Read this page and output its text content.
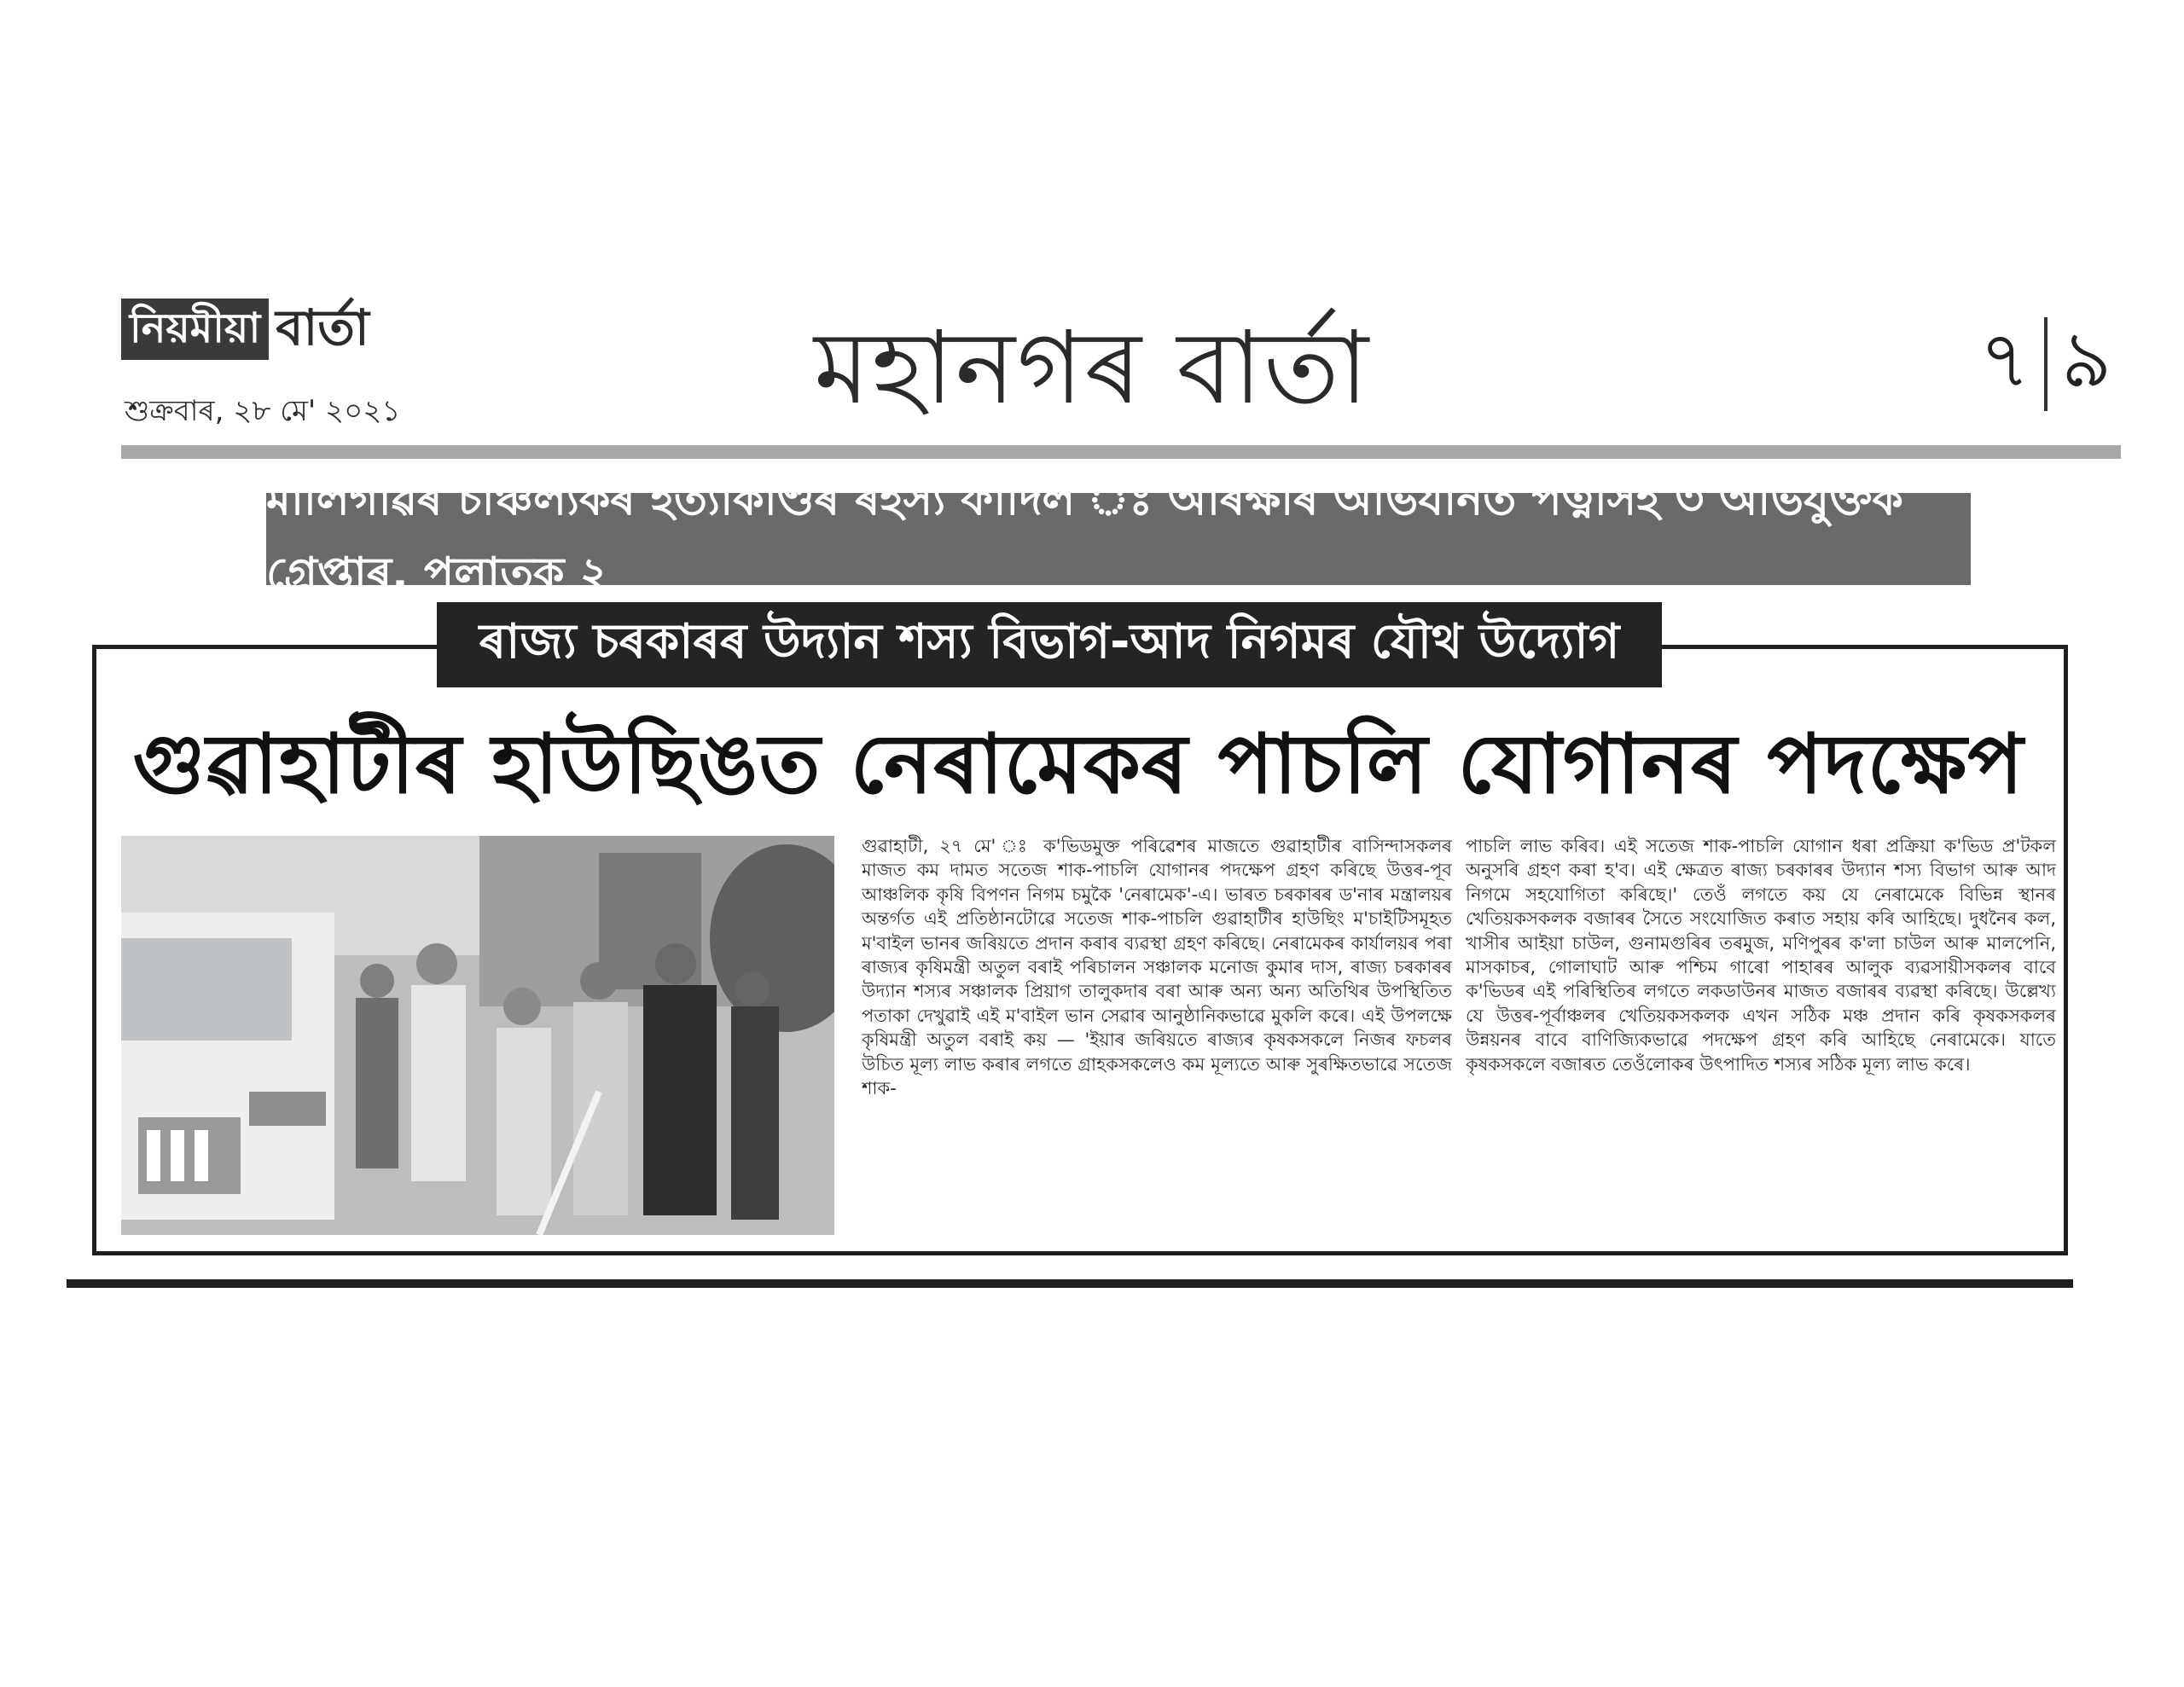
নিয়মীয়া বাৰ্তা
শুক্ৰবাৰ, ২৮ মে' ২০২১	মহানগৰ বাৰ্তা	৭ ৯
মালিগাঁৱৰ চাঞ্চল্যকৰ হত্যাকাণ্ডৰ ৰহস্য ফাদিল ঃ আৰক্ষীৰ অভিযানত পত্নীসহ ৩ অভিযুক্তক গ্ৰেপ্তাৰ, পলাতক ২
ৰাজ্য চৰকাৰৰ উদ্যান শস্য বিভাগ-আদ নিগমৰ যৌথ উদ্যোগ
গুৱাহাটীৰ হাউছিঙত নেৰামেকৰ পাচলি যোগানৰ পদক্ষেপ
গুৱাহাটী, ২৭ মে' ঃ ক'ভিডমুক্ত পৰিৱেশৰ মাজতে গুৱাহাটীৰ বাসিন্দাসকলৰ মাজত কম দামত সতেজ শাক-পাচলি যোগানৰ পদক্ষেপ গ্ৰহণ কৰিছে উত্তৰ-পূব আঞ্চলিক কৃষি বিপণন নিগম চমুকৈ 'নেৰামেক'-এ। ভাৰত চৰকাৰৰ ড'নাৰ মন্ত্ৰালয়ৰ অন্তৰ্গত এই প্ৰতিষ্ঠানটোৱে সতেজ শাক-পাচলি গুৱাহাটীৰ হাউছিং ম'চাইটিসমূহত ম'বাইল ভানৰ জৰিয়তে প্ৰদান কৰাৰ ব্যৱস্থা গ্ৰহণ কৰিছে। নেৰামেকৰ কাৰ্যালয়ৰ পৰা ৰাজ্যৰ কৃষিমন্ত্ৰী অতুল বৰাই পৰিচালন সঞ্চালক মনোজ কুমাৰ দাস, ৰাজ্য চৰকাৰৰ উদ্যান শস্যৰ সঞ্চালক প্ৰিয়াগ তালুকদাৰ বৰা আৰু অন্য অন্য অতিথিৰ উপস্থিতিত পতাকা দেখুৱাই এই ম'বাইল ভান সেৱাৰ আনুষ্ঠানিকভাৱে মুকলি কৰে। এই উপলক্ষে কৃষিমন্ত্ৰী অতুল বৰাই কয় — 'ইয়াৰ জৰিয়তে ৰাজ্যৰ কৃষকসকলে নিজৰ ফচলৰ উচিত মূল্য লাভ কৰাৰ লগতে গ্ৰাহকসকলেও কম মূল্যতে আৰু সুৰক্ষিতভাৱে সতেজ শাক-
পাচলি লাভ কৰিব। এই সতেজ শাক-পাচলি যোগান ধৰা প্ৰক্ৰিয়া ক'ভিড প্ৰ'টকল অনুসৰি গ্ৰহণ কৰা হ'ব। এই ক্ষেত্ৰত ৰাজ্য চৰকাৰৰ উদ্যান শস্য বিভাগ আৰু আদ নিগমে সহযোগিতা কৰিছে।' তেওঁ লগতে কয় যে নেৰামেকে বিভিন্ন স্থানৰ খেতিয়কসকলক বজাৰৰ সৈতে সংযোজিত কৰাত সহায় কৰি আহিছে। দুধনৈৰ কল, খাসীৰ আইয়া চাউল, গুনামগুৰিৰ তৰমুজ, মণিপুৰৰ ক'লা চাউল আৰু মালপেনি, মাসকাচৰ, গোলাঘাট আৰু পশ্চিম গাৰো পাহাৰৰ আলুক ব্যৱসায়ীসকলৰ বাবে ক'ভিডৰ এই পৰিস্থিতিৰ লগতে লকডাউনৰ মাজত বজাৰৰ ব্যৱস্থা কৰিছে। উল্লেখ্য যে উত্তৰ-পূৰ্বাঞ্চলৰ খেতিয়কসকলক এখন সঠিক মঞ্চ প্ৰদান কৰি কৃষকসকলৰ উন্নয়নৰ বাবে বাণিজ্যিকভাৱে পদক্ষেপ গ্ৰহণ কৰি আহিছে নেৰামেকে। যাতে কৃষকসকলে বজাৰত তেওঁলোকৰ উৎপাদিত শস্যৰ সঠিক মূল্য লাভ কৰে।
